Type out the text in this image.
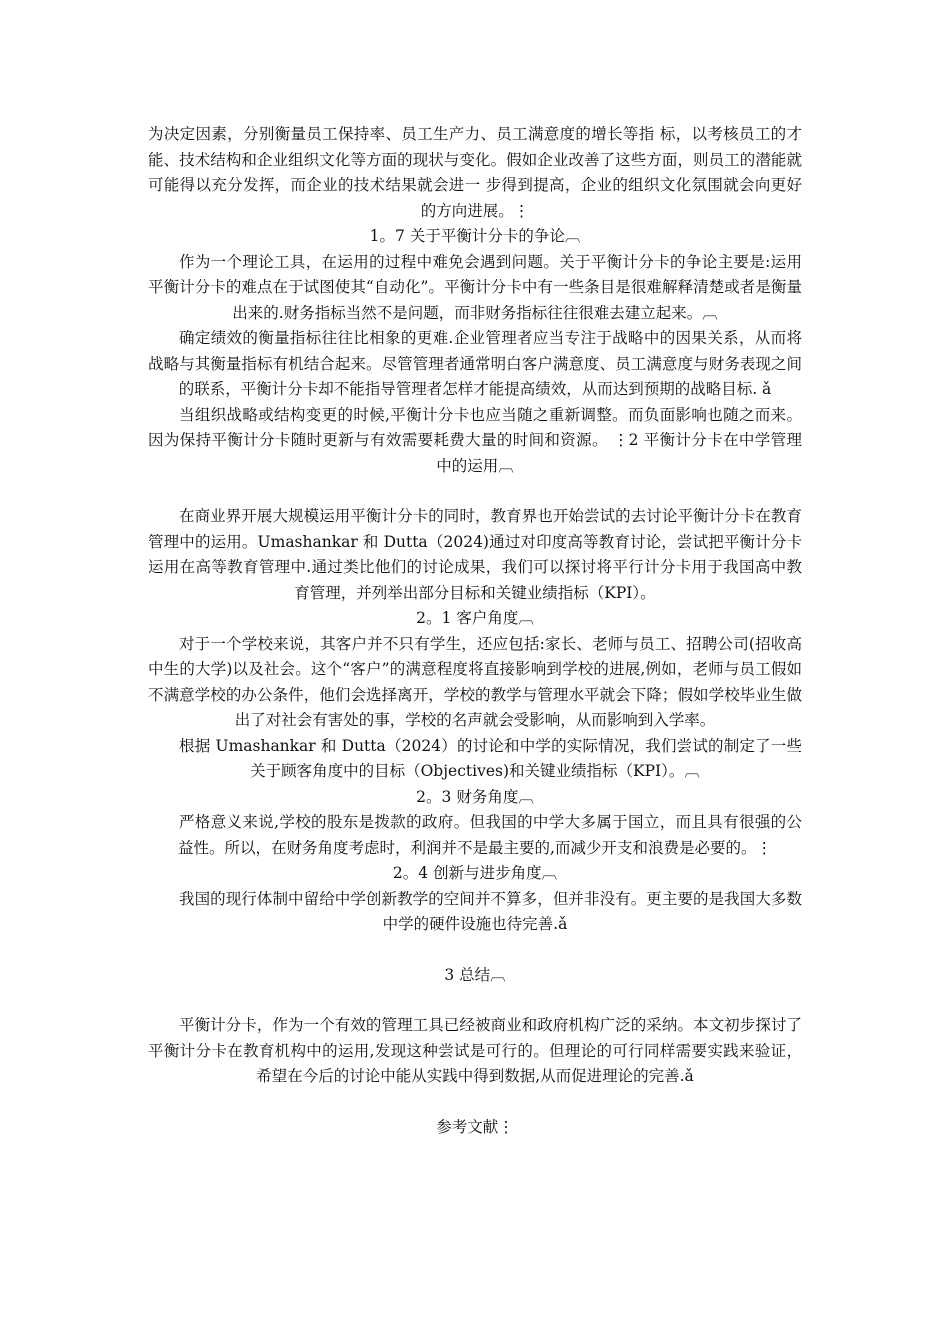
为决定因素，分别衡量员工保持率、员工生产力、员工满意度的增长等指 标，以考核员工的才能、技术结构和企业组织文化等方面的现状与变化。假如企业改善了这些方面，则员工的潜能就可能得以充分发挥，而企业的技术结果就会进一 步得到提高，企业的组织文化氛围就会向更好的方向进展。⋮

1。7 关于平衡计分卡的争论︹

作为一个理论工具，在运用的过程中难免会遇到问题。关于平衡计分卡的争论主要是:运用平衡计分卡的难点在于试图使其“自动化”。平衡计分卡中有一些条目是很难解释清楚或者是衡量出来的.财务指标当然不是问题，而非财务指标往往很难去建立起来。︹

确定绩效的衡量指标往往比相象的更难.企业管理者应当专注于战略中的因果关系，从而将战略与其衡量指标有机结合起来。尽管管理者通常明白客户满意度、员工满意度与财务表现之间的联系，平衡计分卡却不能指导管理者怎样才能提高绩效，从而达到预期的战略目标. ǎ

当组织战略或结构变更的时候,平衡计分卡也应当随之重新调整。而负面影响也随之而来。因为保持平衡计分卡随时更新与有效需要耗费大量的时间和资源。 ⋮2 平衡计分卡在中学管理中的运用︹

在商业界开展大规模运用平衡计分卡的同时，教育界也开始尝试的去讨论平衡计分卡在教育管理中的运用。Umashankar 和 Dutta（2024)通过对印度高等教育讨论，尝试把平衡计分卡运用在高等教育管理中.通过类比他们的讨论成果，我们可以探讨将平行计分卡用于我国高中教育管理，并列举出部分目标和关键业绩指标（KPI）。

2。1 客户角度︹

对于一个学校来说，其客户并不只有学生，还应包括:家长、老师与员工、招聘公司(招收高中生的大学)以及社会。这个“客户”的满意程度将直接影响到学校的进展,例如，老师与员工假如不满意学校的办公条件，他们会选择离开，学校的教学与管理水平就会下降；假如学校毕业生做出了对社会有害处的事，学校的名声就会受影响，从而影响到入学率。

根据 Umashankar 和 Dutta（2024）的讨论和中学的实际情况，我们尝试的制定了一些关于顾客角度中的目标（Objectives)和关键业绩指标（KPI）。︹

2。3 财务角度︹

严格意义来说,学校的股东是拨款的政府。但我国的中学大多属于国立，而且具有很强的公益性。所以，在财务角度考虑时，利润并不是最主要的,而减少开支和浪费是必要的。⋮

2。4 创新与进步角度︹

我国的现行体制中留给中学创新教学的空间并不算多，但并非没有。更主要的是我国大多数中学的硬件设施也待完善.ǎ

3 总结︹

平衡计分卡，作为一个有效的管理工具已经被商业和政府机构广泛的采纳。本文初步探讨了平衡计分卡在教育机构中的运用,发现这种尝试是可行的。但理论的可行同样需要实践来验证，希望在今后的讨论中能从实践中得到数据,从而促进理论的完善.ǎ

参考文献⋮
